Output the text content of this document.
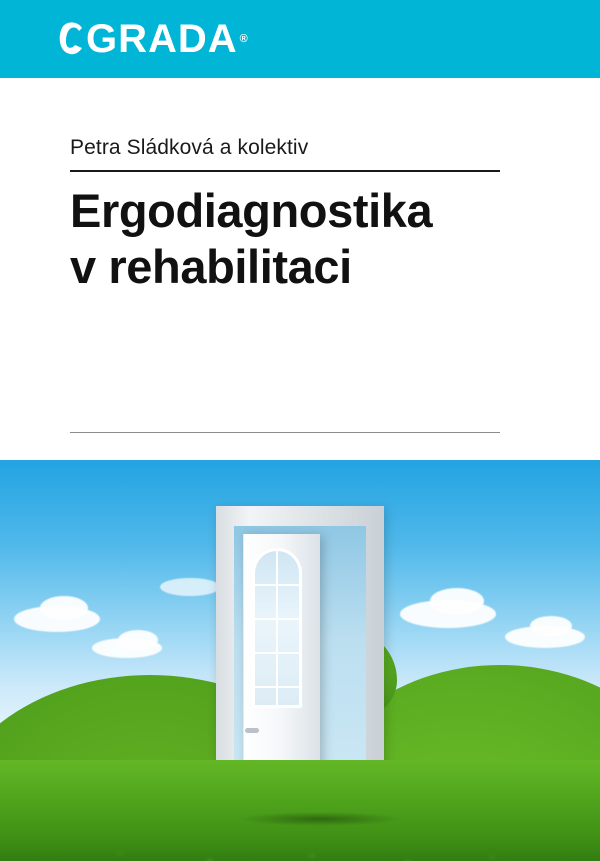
GRADA ®
Petra Sládková a kolektiv
Ergodiagnostika
v rehabilitaci
